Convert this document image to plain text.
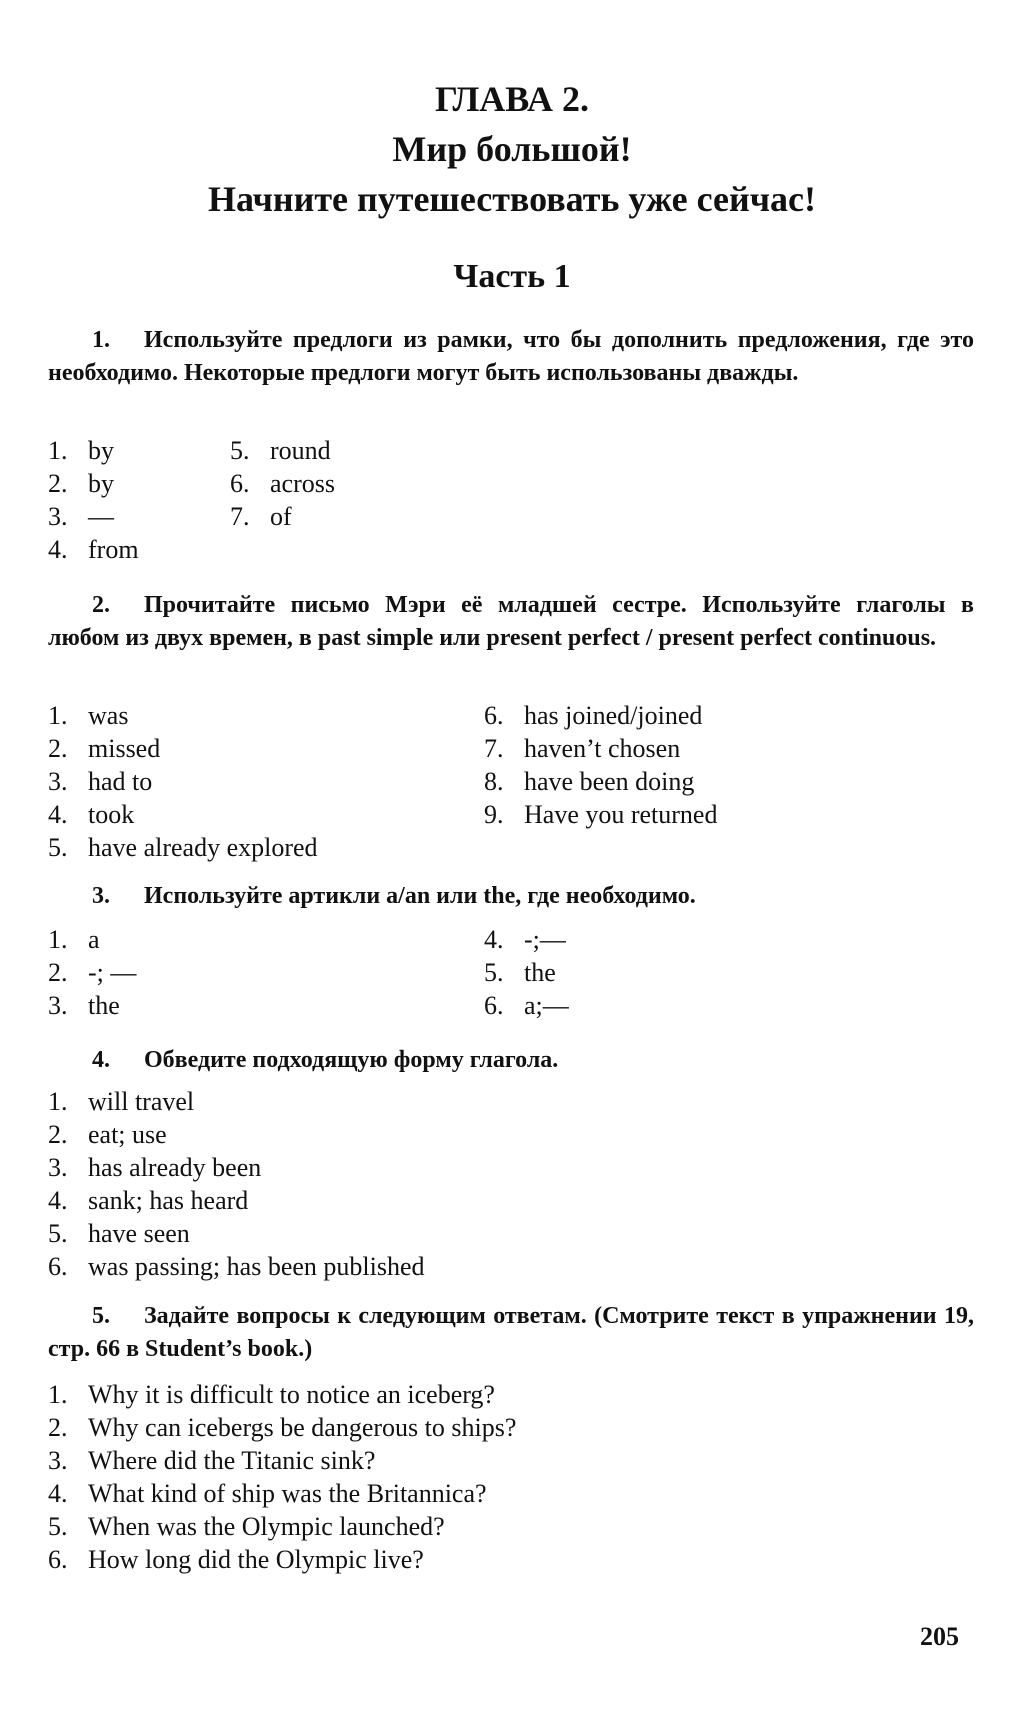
ГЛАВА 2.
Мир большой!
Начните путешествовать уже сейчас!
Часть 1
1. Используйте предлоги из рамки, что бы дополнить предложения, где это необходимо. Некоторые предлоги могут быть использованы дважды.
1. by
2. by
3. —
4. from
5. round
6. across
7. of
2. Прочитайте письмо Мэри её младшей сестре. Используйте глаголы в любом из двух времен, в past simple или present perfect / present perfect continuous.
1. was
2. missed
3. had to
4. took
5. have already explored
6. has joined/joined
7. haven’t chosen
8. have been doing
9. Have you returned
3. Используйте артикли a/an или the, где необходимо.
1. a
2. -; —
3. the
4. -;—
5. the
6. a;—
4. Обведите подходящую форму глагола.
1. will travel
2. eat; use
3. has already been
4. sank; has heard
5. have seen
6. was passing; has been published
5. Задайте вопросы к следующим ответам. (Смотрите текст в упражнении 19, стр. 66 в Student’s book.)
1. Why it is difficult to notice an iceberg?
2. Why can icebergs be dangerous to ships?
3. Where did the Titanic sink?
4. What kind of ship was the Britannica?
5. When was the Olympic launched?
6. How long did the Olympic live?
205
